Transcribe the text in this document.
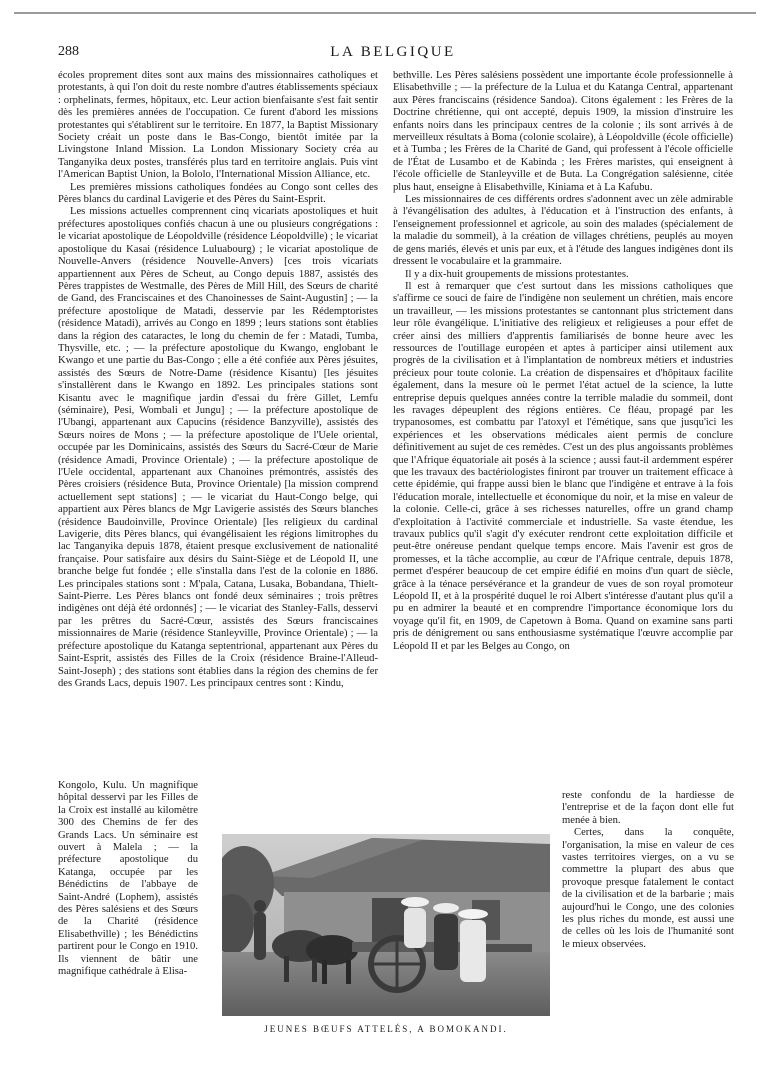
288	LA BELGIQUE

écoles proprement dites sont aux mains des missionnaires catholiques et protestants, à qui l'on doit du reste nombre d'autres établissements spéciaux : orphelinats, fermes, hôpitaux, etc. Leur action bienfaisante s'est fait sentir dès les premières années de l'occupation. Ce furent d'abord les missions protestantes qui s'établirent sur le territoire. En 1877, la Baptist Missionary Society créait un poste dans le Bas-Congo, bientôt imitée par la Livingstone Inland Mission. La London Missionary Society créa au Tanganyika deux postes, transférés plus tard en territoire anglais. Puis vint l'American Baptist Union, la Bololo, l'International Mission Alliance, etc.

Les premières missions catholiques fondées au Congo sont celles des Pères blancs du cardinal Lavigerie et des Pères du Saint-Esprit.

Les missions actuelles comprennent cinq vicariats apostoliques et huit préfectures apostoliques confiés chacun à une ou plusieurs congrégations : le vicariat apostolique de Léopoldville (résidence Léopoldville) ; le vicariat apostolique du Kasai (résidence Luluabourg) ; le vicariat apostolique de Nouvelle-Anvers (résidence Nouvelle-Anvers) [ces trois vicariats appartiennent aux Pères de Scheut, au Congo depuis 1887, assistés des Pères trappistes de Westmalle, des Pères de Mill Hill, des Sœurs de charité de Gand, des Franciscaines et des Chanoinesses de Saint-Augustin] ; — la préfecture apostolique de Matadi, desservie par les Rédemptoristes (résidence Matadi), arrivés au Congo en 1899 ; leurs stations sont établies dans la région des cataractes, le long du chemin de fer : Matadi, Tumba, Thysville, etc. ; — la préfecture apostolique du Kwango, englobant le Kwango et une partie du Bas-Congo ; elle a été confiée aux Pères jésuites, assistés des Sœurs de Notre-Dame (résidence Kisantu) [les jésuites s'installèrent dans le Kwango en 1892. Les principales stations sont Kisantu avec le magnifique jardin d'essai du frère Gillet, Lemfu (séminaire), Pesi, Wombali et Jungu] ; — la préfecture apostolique de l'Ubangi, appartenant aux Capucins (résidence Banzyville), assistés des Sœurs noires de Mons ; — la préfecture apostolique de l'Uele oriental, occupée par les Dominicains, assistés des Sœurs du Sacré-Cœur de Marie (résidence Amadi, Province Orientale) ; — la préfecture apostolique de l'Uele occidental, appartenant aux Chanoines prémontrés, assistés des Pères croisiers (résidence Buta, Province Orientale) [la mission comprend actuellement sept stations] ; — le vicariat du Haut-Congo belge, qui appartient aux Pères blancs de Mgr Lavigerie assistés des Sœurs blanches (résidence Baudoinville, Province Orientale) [les religieux du cardinal Lavigerie, dits Pères blancs, qui évangélisaient les régions limitrophes du lac Tanganyika depuis 1878, étaient presque exclusivement de nationalité française. Pour satisfaire aux désirs du Saint-Siège et de Léopold II, une branche belge fut fondée ; elle s'installa dans l'est de la colonie en 1886. Les principales stations sont : M'pala, Catana, Lusaka, Bobandana, Thielt-Saint-Pierre. Les Pères blancs ont fondé deux séminaires ; trois prêtres indigènes ont déjà été ordonnés] ; — le vicariat des Stanley-Falls, desservi par les prêtres du Sacré-Cœur, assistés des Sœurs franciscaines missionnaires de Marie (résidence Stanleyville, Province Orientale) ; — la préfecture apostolique du Katanga septentrional, appartenant aux Pères du Saint-Esprit, assistés des Filles de la Croix (résidence Braine-l'Alleud-Saint-Joseph) ; des stations sont établies dans la région des chemins de fer des Grands Lacs, depuis 1907. Les principaux centres sont : Kindu,

Kongolo, Kulu. Un magnifique hôpital desservi par les Filles de la Croix est installé au kilomètre 300 des Chemins de fer des Grands Lacs. Un séminaire est ouvert à Malela ; — la préfecture apostolique du Katanga, occupée par les Bénédictins de l'abbaye de Saint-André (Lophem), assistés des Pères salésiens et des Sœurs de la Charité (résidence Elisabethville) ; les Bénédictins partirent pour le Congo en 1910. Ils viennent de bâtir une magnifique cathédrale à Elisa-

bethville. Les Pères salésiens possèdent une importante école professionnelle à Elisabethville ; — la préfecture de la Lulua et du Katanga Central, appartenant aux Pères franciscains (résidence Sandoa). Citons également : les Frères de la Doctrine chrétienne, qui ont accepté, depuis 1909, la mission d'instruire les enfants noirs dans les principaux centres de la colonie ; ils sont arrivés à de merveilleux résultats à Boma (colonie scolaire), à Léopoldville (école officielle) et à Tumba ; les Frères de la Charité de Gand, qui professent à l'école officielle de l'État de Lusambo et de Kabinda ; les Frères maristes, qui enseignent à l'école officielle de Stanleyville et de Buta. La Congrégation salésienne, citée plus haut, enseigne à Elisabethville, Kiniama et à La Kafubu.

Les missionnaires de ces différents ordres s'adonnent avec un zèle admirable à l'évangélisation des adultes, à l'éducation et à l'instruction des enfants, à l'enseignement professionnel et agricole, au soin des malades (spécialement de la maladie du sommeil), à la création de villages chrétiens, peuplés au moyen de gens mariés, élevés et unis par eux, et à l'étude des langues indigènes dont ils dressent le vocabulaire et la grammaire.

Il y a dix-huit groupements de missions protestantes.

Il est à remarquer que c'est surtout dans les missions catholiques que s'affirme ce souci de faire de l'indigène non seulement un chrétien, mais encore un travailleur, — les missions protestantes se cantonnant plus strictement dans leur rôle évangélique. L'initiative des religieux et religieuses a pour effet de créer ainsi des milliers d'apprentis familiarisés de bonne heure avec les ressources de l'outillage européen et aptes à participer ainsi utilement aux progrès de la civilisation et à l'implantation de nombreux métiers et industries précieux pour toute colonie. La création de dispensaires et d'hôpitaux facilite également, dans la mesure où le permet l'état actuel de la science, la lutte entreprise depuis quelques années contre la terrible maladie du sommeil, dont les ravages dépeuplent des régions entières. Ce fléau, propagé par les trypanosomes, est combattu par l'atoxyl et l'émétique, sans que jusqu'ici les expériences et les observations médicales aient permis de conclure définitivement au sujet de ces remèdes. C'est un des plus angoissants problèmes que l'Afrique équatoriale ait posés à la science ; aussi faut-il ardemment espérer que les travaux des bactériologistes finiront par trouver un traitement efficace à cette épidémie, qui frappe aussi bien le blanc que l'indigène et entrave à la fois l'éducation morale, intellectuelle et économique du noir, et la mise en valeur de la colonie. Celle-ci, grâce à ses richesses naturelles, offre un grand champ d'exploitation à l'activité commerciale et industrielle. Sa vaste étendue, les travaux publics qu'il s'agit d'y exécuter rendront cette exploitation difficile et peut-être onéreuse pendant quelque temps encore. Mais l'avenir est gros de promesses, et la tâche accomplie, au cœur de l'Afrique centrale, depuis 1878, permet d'espérer beaucoup de cet empire édifié en moins d'un quart de siècle, grâce à la ténace persévérance et la grandeur de vues de son royal promoteur Léopold II, et à la prospérité duquel le roi Albert s'intéresse d'autant plus qu'il a pu en admirer la beauté et en comprendre l'importance économique lors du voyage qu'il fit, en 1909, de Capetown à Boma. Quand on examine sans parti pris de dénigrement ou sans enthousiasme systématique l'œuvre accomplie par Léopold II et par les Belges au Congo, on

reste confondu de la hardiesse de l'entreprise et de la façon dont elle fut menée à bien.

Certes, dans la conquête, l'organisation, la mise en valeur de ces vastes territoires vierges, on a vu se commettre la plupart des abus que provoque presque fatalement le contact de la civilisation et de la barbarie ; mais aujourd'hui le Congo, une des colonies les plus riches du monde, est aussi une de celles où les lois de l'humanité sont le mieux observées.

JEUNES BŒUFS ATTELÉS, A BOMOKANDI.
